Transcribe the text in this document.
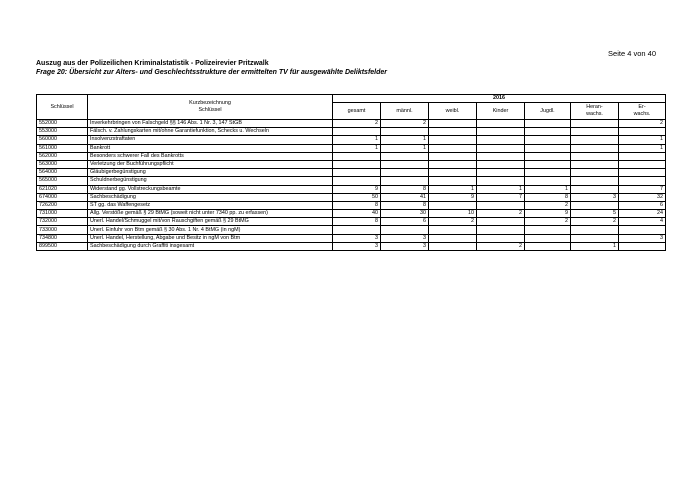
Seite 4 von 40
Auszug aus der Polizeilichen Kriminalstatistik - Polizeirevier Pritzwalk
Frage 20: Übersicht zur Alters- und Geschlechtsstrukture der ermittelten TV für ausgewählte Deliktsfelder
Schlüssel	Kurzbezeichnung
Schlüssel	2016						
		gesamt	männl.	weibl.	Kinder	Jugdl.	Heran-
wachs.	Er-
wachs.
552000	Inverkehrbringen von Falschgeld §§ 146 Abs. 1 Nr. 3, 147 StGB	2	2					2
553000	Fälsch. v. Zahlungskarten mit/ohne Garantiefunktion, Schecks u. Wechseln							
560000	Insolvenzstraftaten	1	1					1
561000	Bankrott	1	1					1
562000	Besonders schwerer Fall des Bankrotts							
563000	Verletzung der Buchführungspflicht							
564000	Gläubigerbegünstigung							
565000	Schuldnerbegünstigung							
621020	Widerstand gg. Vollstreckungsbeamte	9	8	1	1	1		7
674000	Sachbeschädigung	50	41	9	7	8	3	32
726200	ST gg. das Waffengesetz	8	8			2		6
731000	Allg. Verstöße gemäß § 29 BtMG (soweit nicht unter 7340 pp. zu erfassen)	40	30	10	2	9	5	24
732000	Unerl. Handel/Schmuggel mit/von Rauschgiften gemäß § 29 BtMG	8	6	2		2	2	4
733000	Unerl. Einfuhr von Btm gemäß § 30 Abs. 1 Nr. 4 BtMG (in ngM)							
734800	Unerl. Handel, Herstellung, Abgabe und Besitz in ngM von Btm	3	3					3
899500	Sachbeschädigung durch Graffiti insgesamt	3	3		2		1	
